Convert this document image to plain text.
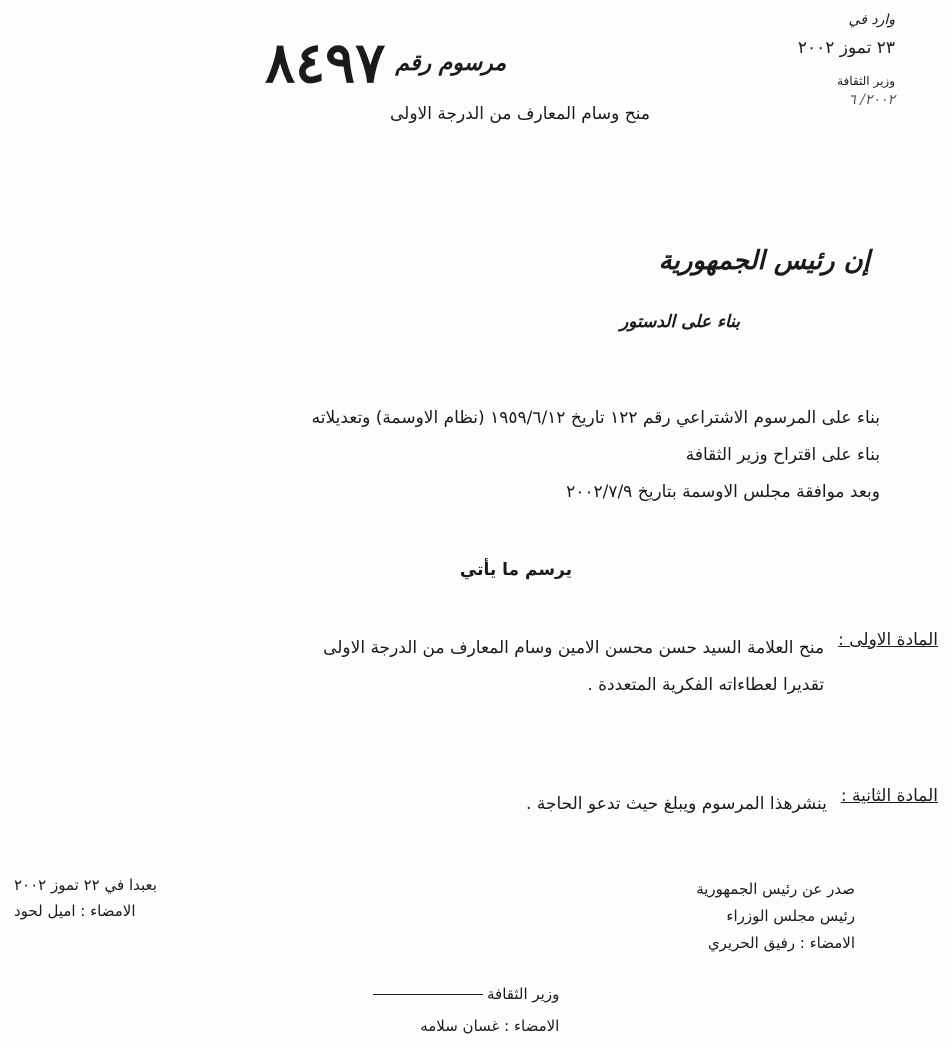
٨٤٩٧ مرسوم رقم
منح وسام المعارف من الدرجة الاولى
وارد في
٢٣ تموز ٢٠٠٢
وزير الثقافة
٢٠٠٢/ ٦
إن رئيس الجمهورية
بناء على الدستور
بناء على المرسوم الاشتراعي رقم ١٢٢ تاريخ ١٩٥٩/٦/١٢ (نظام الاوسمة) وتعديلاته
بناء على اقتراح وزير الثقافة
وبعد موافقة مجلس الاوسمة بتاريخ ٢٠٠٢/٧/٩
يرسم ما يأتي
المادة الاولى :
منح العلامة السيد حسن محسن الامين وسام المعارف من الدرجة الاولى
تقديرا لعطاءاته الفكرية المتعددة .
المادة الثانية :
ينشرهذا المرسوم ويبلغ حيث تدعو الحاجة .
بعبدا في ٢٢ تموز ٢٠٠٢
الامضاء : اميل لحود
صدر عن رئيس الجمهورية
رئيس مجلس الوزراء
الامضاء : رفيق الحريري
وزير الثقافة
الامضاء : غسان سلامه
